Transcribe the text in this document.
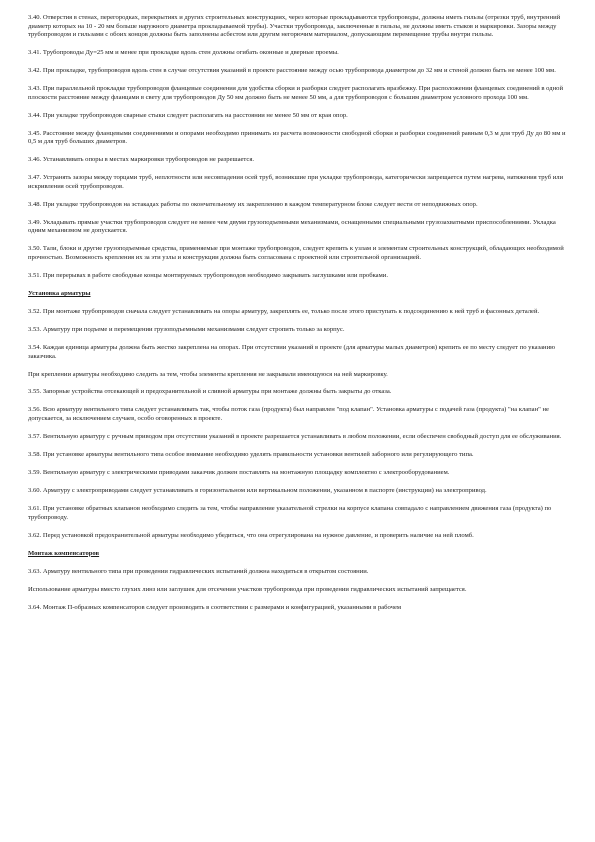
3.40. Отверстия в стенах, перегородках, перекрытиях и других строительных конструкциях, через которые прокладываются трубопроводы, должны иметь гильзы (отрезки труб, внутренний диаметр которых на 10 - 20 мм больше наружного диаметра прокладываемой трубы). Участки трубопровода, заключенные в гильзы, не должны иметь стыков и маркировки. Зазоры между трубопроводом и гильзами с обоих концов должны быть заполнены асбестом или другим негорючим материалом, допускающим перемещение трубы внутри гильзы.

3.41. Трубопроводы Ду=25 мм и менее при прокладке вдоль стен должны огибать оконные и дверные проемы.

3.42. При прокладке, трубопроводов вдоль стен в случае отсутствия указаний в проекте расстояние между осью трубопровода диаметром до 32 мм и стеной должно быть не менее 100 мм.

3.43. При параллельной прокладке трубопроводов фланцевые соединения для удобства сборки и разборки следует располагать вразбежку. При расположении фланцевых соединений в одной плоскости расстояние между фланцами в свету для трубопроводов Ду 50 мм должно быть не менее 50 мм, а для трубопроводов с большим диаметром условного прохода 100 мм.

3.44. При укладке трубопроводов сварные стыки следует располагать на расстоянии не менее 50 мм от края опор.

3.45. Расстояние между фланцевыми соединениями и опорами необходимо принимать из расчета возможности свободной сборки и разборки соединений равным 0,3 м для труб Ду до 80 мм и 0,5 м для труб больших диаметров.

3.46. Устанавливать опоры в местах маркировки трубопроводов не разрешается.

3.47. Устранять зазоры между торцами труб, неплотности или несовпадения осей труб, возникшие при укладке трубопровода, категорически запрещается путем нагрева, натяжения труб или искривления осей трубопроводов.

3.48. При укладке трубопроводов на эстакадах работы по окончательному их закреплению в каждом температурном блоке следует вести от неподвижных опор.

3.49. Укладывать прямые участки трубопроводов следует не менее чем двумя грузоподъемными механизмами, оснащенными специальными грузозахватными приспособлениями. Укладка одним механизмом не допускается.

3.50. Тали, блоки и другие грузоподъемные средства, применяемые при монтаже трубопроводов, следует крепить к узлам и элементам строительных конструкций, обладающих необходимой прочностью. Возможность крепления их за эти узлы и конструкции должна быть согласована с проектной или строительной организацией.

3.51. При перерывах в работе свободные концы монтируемых трубопроводов необходимо закрывать заглушками или пробками.

Установка арматуры

3.52. При монтаже трубопроводов сначала следует устанавливать на опоры арматуру, закреплять ее, только после этого приступать к подсоединению к ней труб и фасонных деталей.

3.53. Арматуру при подъеме и перемещении грузоподъемными механизмами следует стропить только за корпус.

3.54. Каждая единица арматуры должна быть жестко закреплена на опорах. При отсутствии указаний в проекте (для арматуры малых диаметров) крепить ее по месту следует по указанию заказчика.

При креплении арматуры необходимо следить за тем, чтобы элементы крепления не закрывали имеющуюся на ней маркировку.

3.55. Запорные устройства отсекающей и предохранительной и сливной арматуры при монтаже должны быть закрыты до отказа.

3.56. Всю арматуру вентильного типа следует устанавливать так, чтобы поток газа (продукта) был направлен "под клапан". Установка арматуры с подачей газа (продукта) "на клапан" не допускается, за исключением случаев, особо оговоренных в проекте.

3.57. Вентильную арматуру с ручным приводом при отсутствии указаний в проекте разрешается устанавливать в любом положении, если обеспечен свободный доступ для ее обслуживания.

3.58. При установке арматуры вентильного типа особое внимание необходимо уделять правильности установки вентилей заборного или регулирующего типа.

3.59. Вентильную арматуру с электрическими приводами заказчик должен поставлять на монтажную площадку комплектно с электрооборудованием.

3.60. Арматуру с электроприводами следует устанавливать в горизонтальном или вертикальном положении, указанном в паспорте (инструкции) на электропривод.

3.61. При установке обратных клапанов необходимо следить за тем, чтобы направление указательной стрелки на корпусе клапана совпадало с направлением движения газа (продукта) по трубопроводу.

3.62. Перед установкой предохранительной арматуры необходимо убедиться, что она отрегулирована на нужное давление, и проверить наличие на ней пломб.

Монтаж компенсаторов

3.63. Арматуру вентильного типа при проведении гидравлических испытаний должна находиться в открытом состоянии.

Использование арматуры вместо глухих линз или заглушек для отсечения участков трубопровода при проведении гидравлических испытаний запрещается.

3.64. Монтаж П-образных компенсаторов следует производить в соответствии с размерами и конфигурацией, указанными в рабочем
